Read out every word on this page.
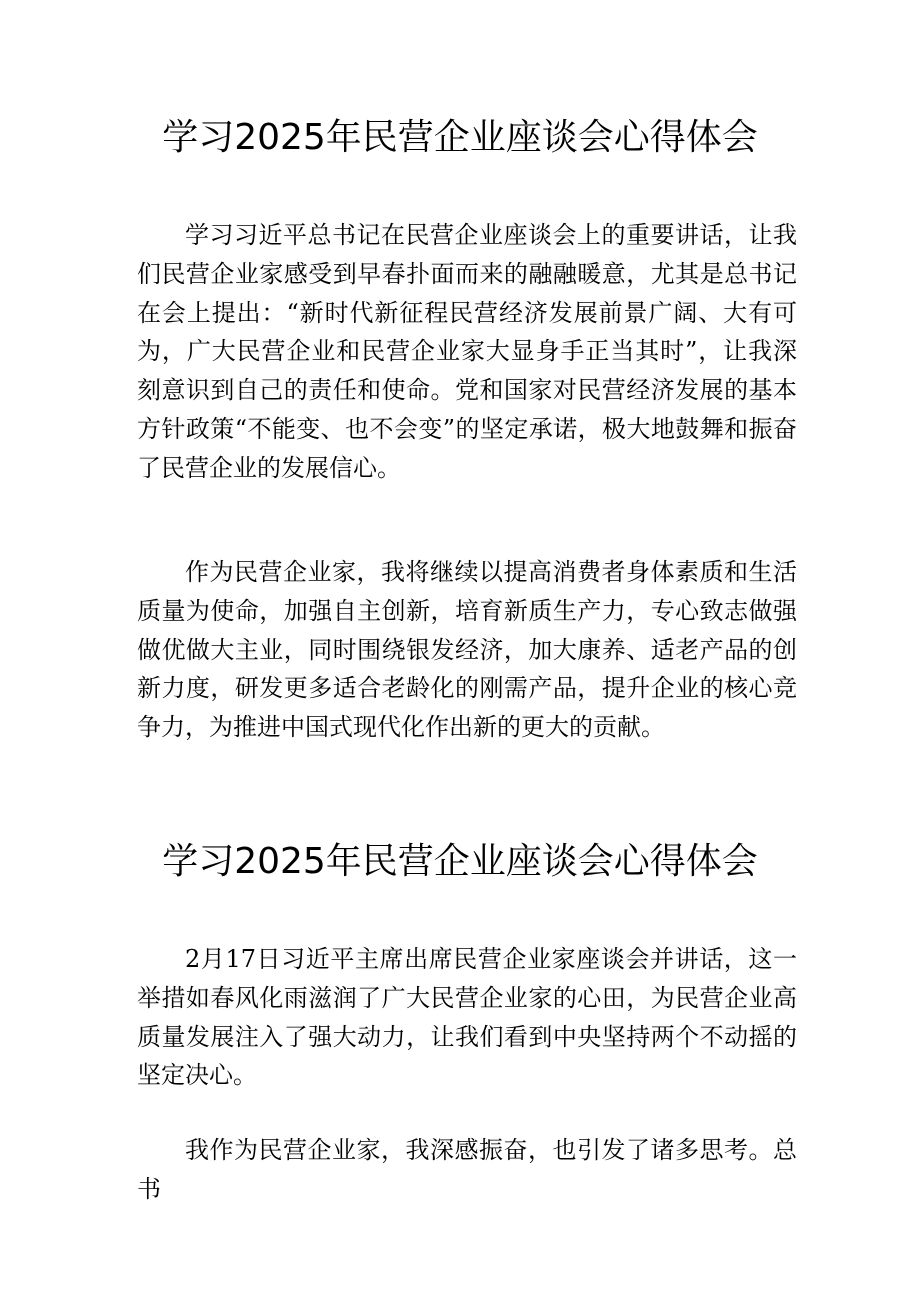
学习2025年民营企业座谈会心得体会

学习习近平总书记在民营企业座谈会上的重要讲话，让我们民营企业家感受到早春扑面而来的融融暖意，尤其是总书记在会上提出：“新时代新征程民营经济发展前景广阔、大有可为，广大民营企业和民营企业家大显身手正当其时”，让我深刻意识到自己的责任和使命。党和国家对民营经济发展的基本方针政策“不能变、也不会变”的坚定承诺，极大地鼓舞和振奋了民营企业的发展信心。

作为民营企业家，我将继续以提高消费者身体素质和生活质量为使命，加强自主创新，培育新质生产力，专心致志做强做优做大主业，同时围绕银发经济，加大康养、适老产品的创新力度，研发更多适合老龄化的刚需产品，提升企业的核心竞争力，为推进中国式现代化作出新的更大的贡献。

学习2025年民营企业座谈会心得体会

2月17日习近平主席出席民营企业家座谈会并讲话，这一举措如春风化雨滋润了广大民营企业家的心田，为民营企业高质量发展注入了强大动力，让我们看到中央坚持两个不动摇的坚定决心。

我作为民营企业家，我深感振奋，也引发了诸多思考。总书
